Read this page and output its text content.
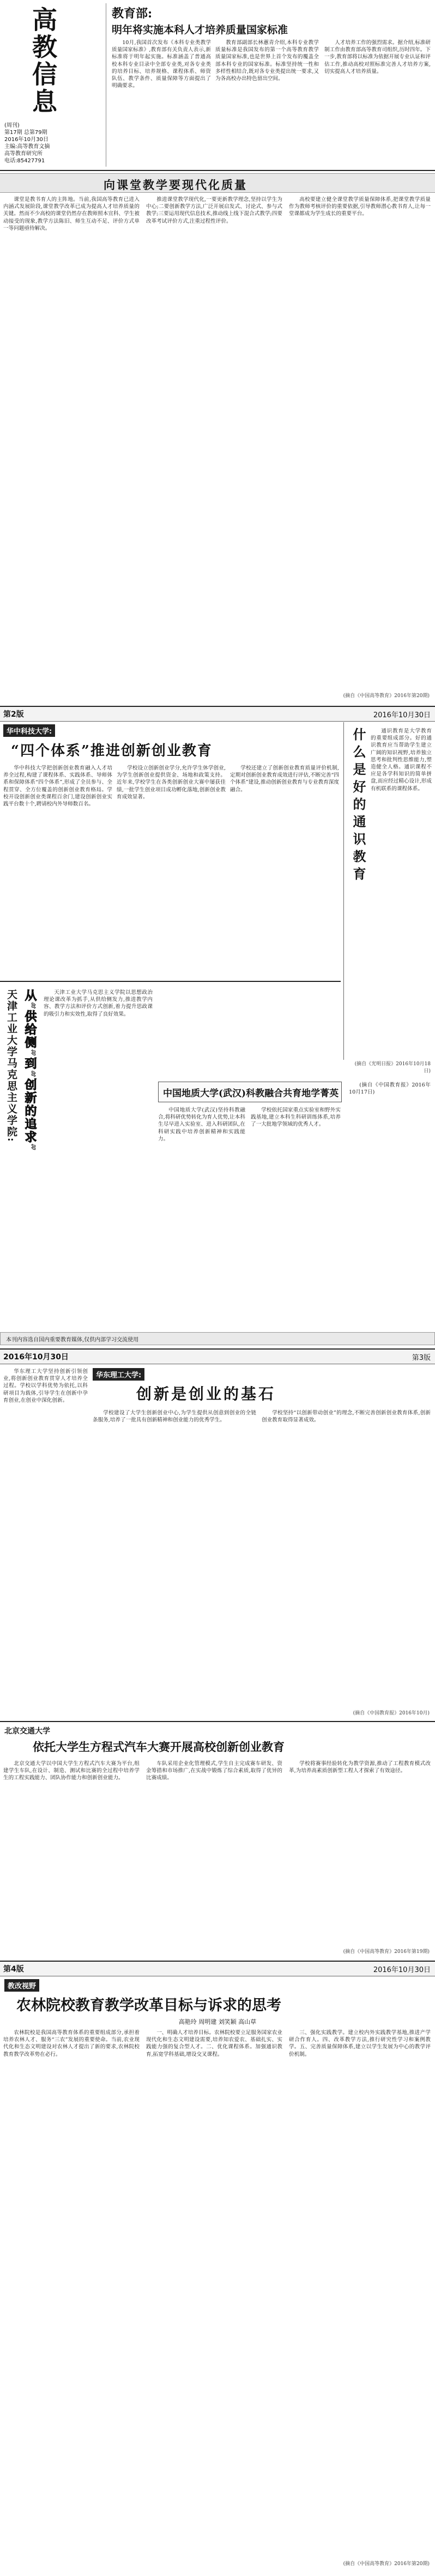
高教信息
(周刊)
第17期 总第79期
2016年10月30日
主编:高等教育文摘
高等教育研究所
电话:85427791
教育部:
明年将实施本科人才培养质量国家标准

10月,我国首次发布《本科专业类教学质量国家标准》,教育部有关负责人表示,新标准将于明年起实施。标准涵盖了普通高校本科专业目录中全部专业类,对各专业类的培养目标、培养规格、课程体系、师资队伍、教学条件、质量保障等方面提出了明确要求。

教育部副部长林蕙青介绍,本科专业教学质量标准是我国发布的第一个高等教育教学质量国家标准,也是世界上首个发布的覆盖全部本科专业的国家标准。标准坚持统一性和多样性相结合,既对各专业类提出统一要求,又为各高校办出特色留出空间。

人才培养工作的强烈需求。据介绍,标准研制工作由教育部高等教育司组织,历时四年。下一步,教育部将以标准为依据开展专业认证和评估工作,推动高校对照标准完善人才培养方案,切实提高人才培养质量。

向课堂教学要现代化质量

课堂是教书育人的主阵地。当前,我国高等教育已进入内涵式发展阶段,课堂教学改革已成为提高人才培养质量的关键。然而不少高校的课堂仍然存在教师照本宣科、学生被动接受的现象,教学方法陈旧、师生互动不足、评价方式单一等问题亟待解决。

推进课堂教学现代化,一要更新教学理念,坚持以学生为中心;二要创新教学方法,广泛开展启发式、讨论式、参与式教学;三要运用现代信息技术,推动线上线下混合式教学;四要改革考试评价方式,注重过程性评价。

高校要建立健全课堂教学质量保障体系,把课堂教学质量作为教师考核评价的重要依据,引导教师潜心教书育人,让每一堂课都成为学生成长的重要平台。

(摘自《中国高等教育》2016年第20期)
第2版	2016年10月30日
华中科技大学:
“四个体系”推进创新创业教育

华中科技大学把创新创业教育融入人才培养全过程,构建了课程体系、实践体系、导师体系和保障体系“四个体系”,形成了全员参与、全程贯穿、全方位覆盖的创新创业教育格局。学校开设创新创业类课程百余门,建设创新创业实践平台数十个,聘请校内外导师数百名。

学校设立创新创业学分,允许学生休学创业,为学生创新创业提供资金、场地和政策支持。近年来,学校学生在各类创新创业大赛中屡获佳绩,一批学生创业项目成功孵化落地,创新创业教育成效显著。

学校还建立了创新创业教育质量评价机制,定期对创新创业教育成效进行评估,不断完善“四个体系”建设,推动创新创业教育与专业教育深度融合。	什么是好的通识教育	通识教育是大学教育的重要组成部分。好的通识教育应当帮助学生建立广阔的知识视野,培养独立思考和批判性思维能力,塑造健全人格。通识课程不应是各学科知识的简单拼盘,而应经过精心设计,形成有机联系的课程体系。

(摘自《光明日报》2016年10月18日)
天津工业大学马克思主义学院: 从“供给侧”到“创新的追求”	天津工业大学马克思主义学院以思想政治理论课改革为抓手,从供给侧发力,推进教学内容、教学方法和评价方式创新,着力提升思政课的吸引力和实效性,取得了良好效果。

中国地质大学(武汉)科教融合共育地学菁英

中国地质大学(武汉)坚持科教融合,将科研优势转化为育人优势,让本科生尽早进入实验室、进入科研团队,在科研实践中培养创新精神和实践能力。

学校依托国家重点实验室和野外实践基地,建立本科生科研训练体系,培养了一大批地学领域的优秀人才。

(摘自《中国教育报》2016年10月17日)

本刊内容选自国内重要教育媒体,仅供内部学习交流使用
2016年10月30日	第3版
华东理工大学:
创新是创业的基石

华东理工大学坚持创新引领创业,将创新创业教育贯穿人才培养全过程。学校以学科优势为依托,以科研项目为载体,引导学生在创新中孕育创业,在创业中深化创新。

学校建设了大学生创新创业中心,为学生提供从创意到创业的全链条服务,培养了一批具有创新精神和创业能力的优秀学生。

学校坚持“以创新带动创业”的理念,不断完善创新创业教育体系,创新创业教育取得显著成效。

(摘自《中国教育报》2016年10月)
北京交通大学
依托大学生方程式汽车大赛开展高校创新创业教育

北京交通大学以中国大学生方程式汽车大赛为平台,组建学生车队,在设计、制造、测试和比赛的全过程中培养学生的工程实践能力、团队协作能力和创新创业能力。

车队采用企业化管理模式,学生自主完成赛车研发、资金筹措和市场推广,在实战中锻炼了综合素质,取得了优异的比赛成绩。

学校将赛事经验转化为教学资源,推动了工程教育模式改革,为培养高素质创新型工程人才探索了有效途径。

(摘自《中国高等教育》2016年第19期)
第4版	2016年10月30日
教改视野
农林院校教育教学改革目标与诉求的思考
高艳玲 周明建 刘笑颖 高山草

农林院校是我国高等教育体系的重要组成部分,承担着培养农林人才、服务“三农”发展的重要使命。当前,农业现代化和生态文明建设对农林人才提出了新的要求,农林院校教育教学改革势在必行。

一、明确人才培养目标。农林院校要立足服务国家农业现代化和生态文明建设需要,培养知农爱农、基础扎实、实践能力强的复合型人才。二、优化课程体系。加强通识教育,拓宽学科基础,增设交叉课程。

三、强化实践教学。建立校内外实践教学基地,推进产学研合作育人。四、改革教学方法,推行研究性学习和案例教学。五、完善质量保障体系,建立以学生发展为中心的教学评价机制。

(摘自《中国高等教育》2016年第20期)
